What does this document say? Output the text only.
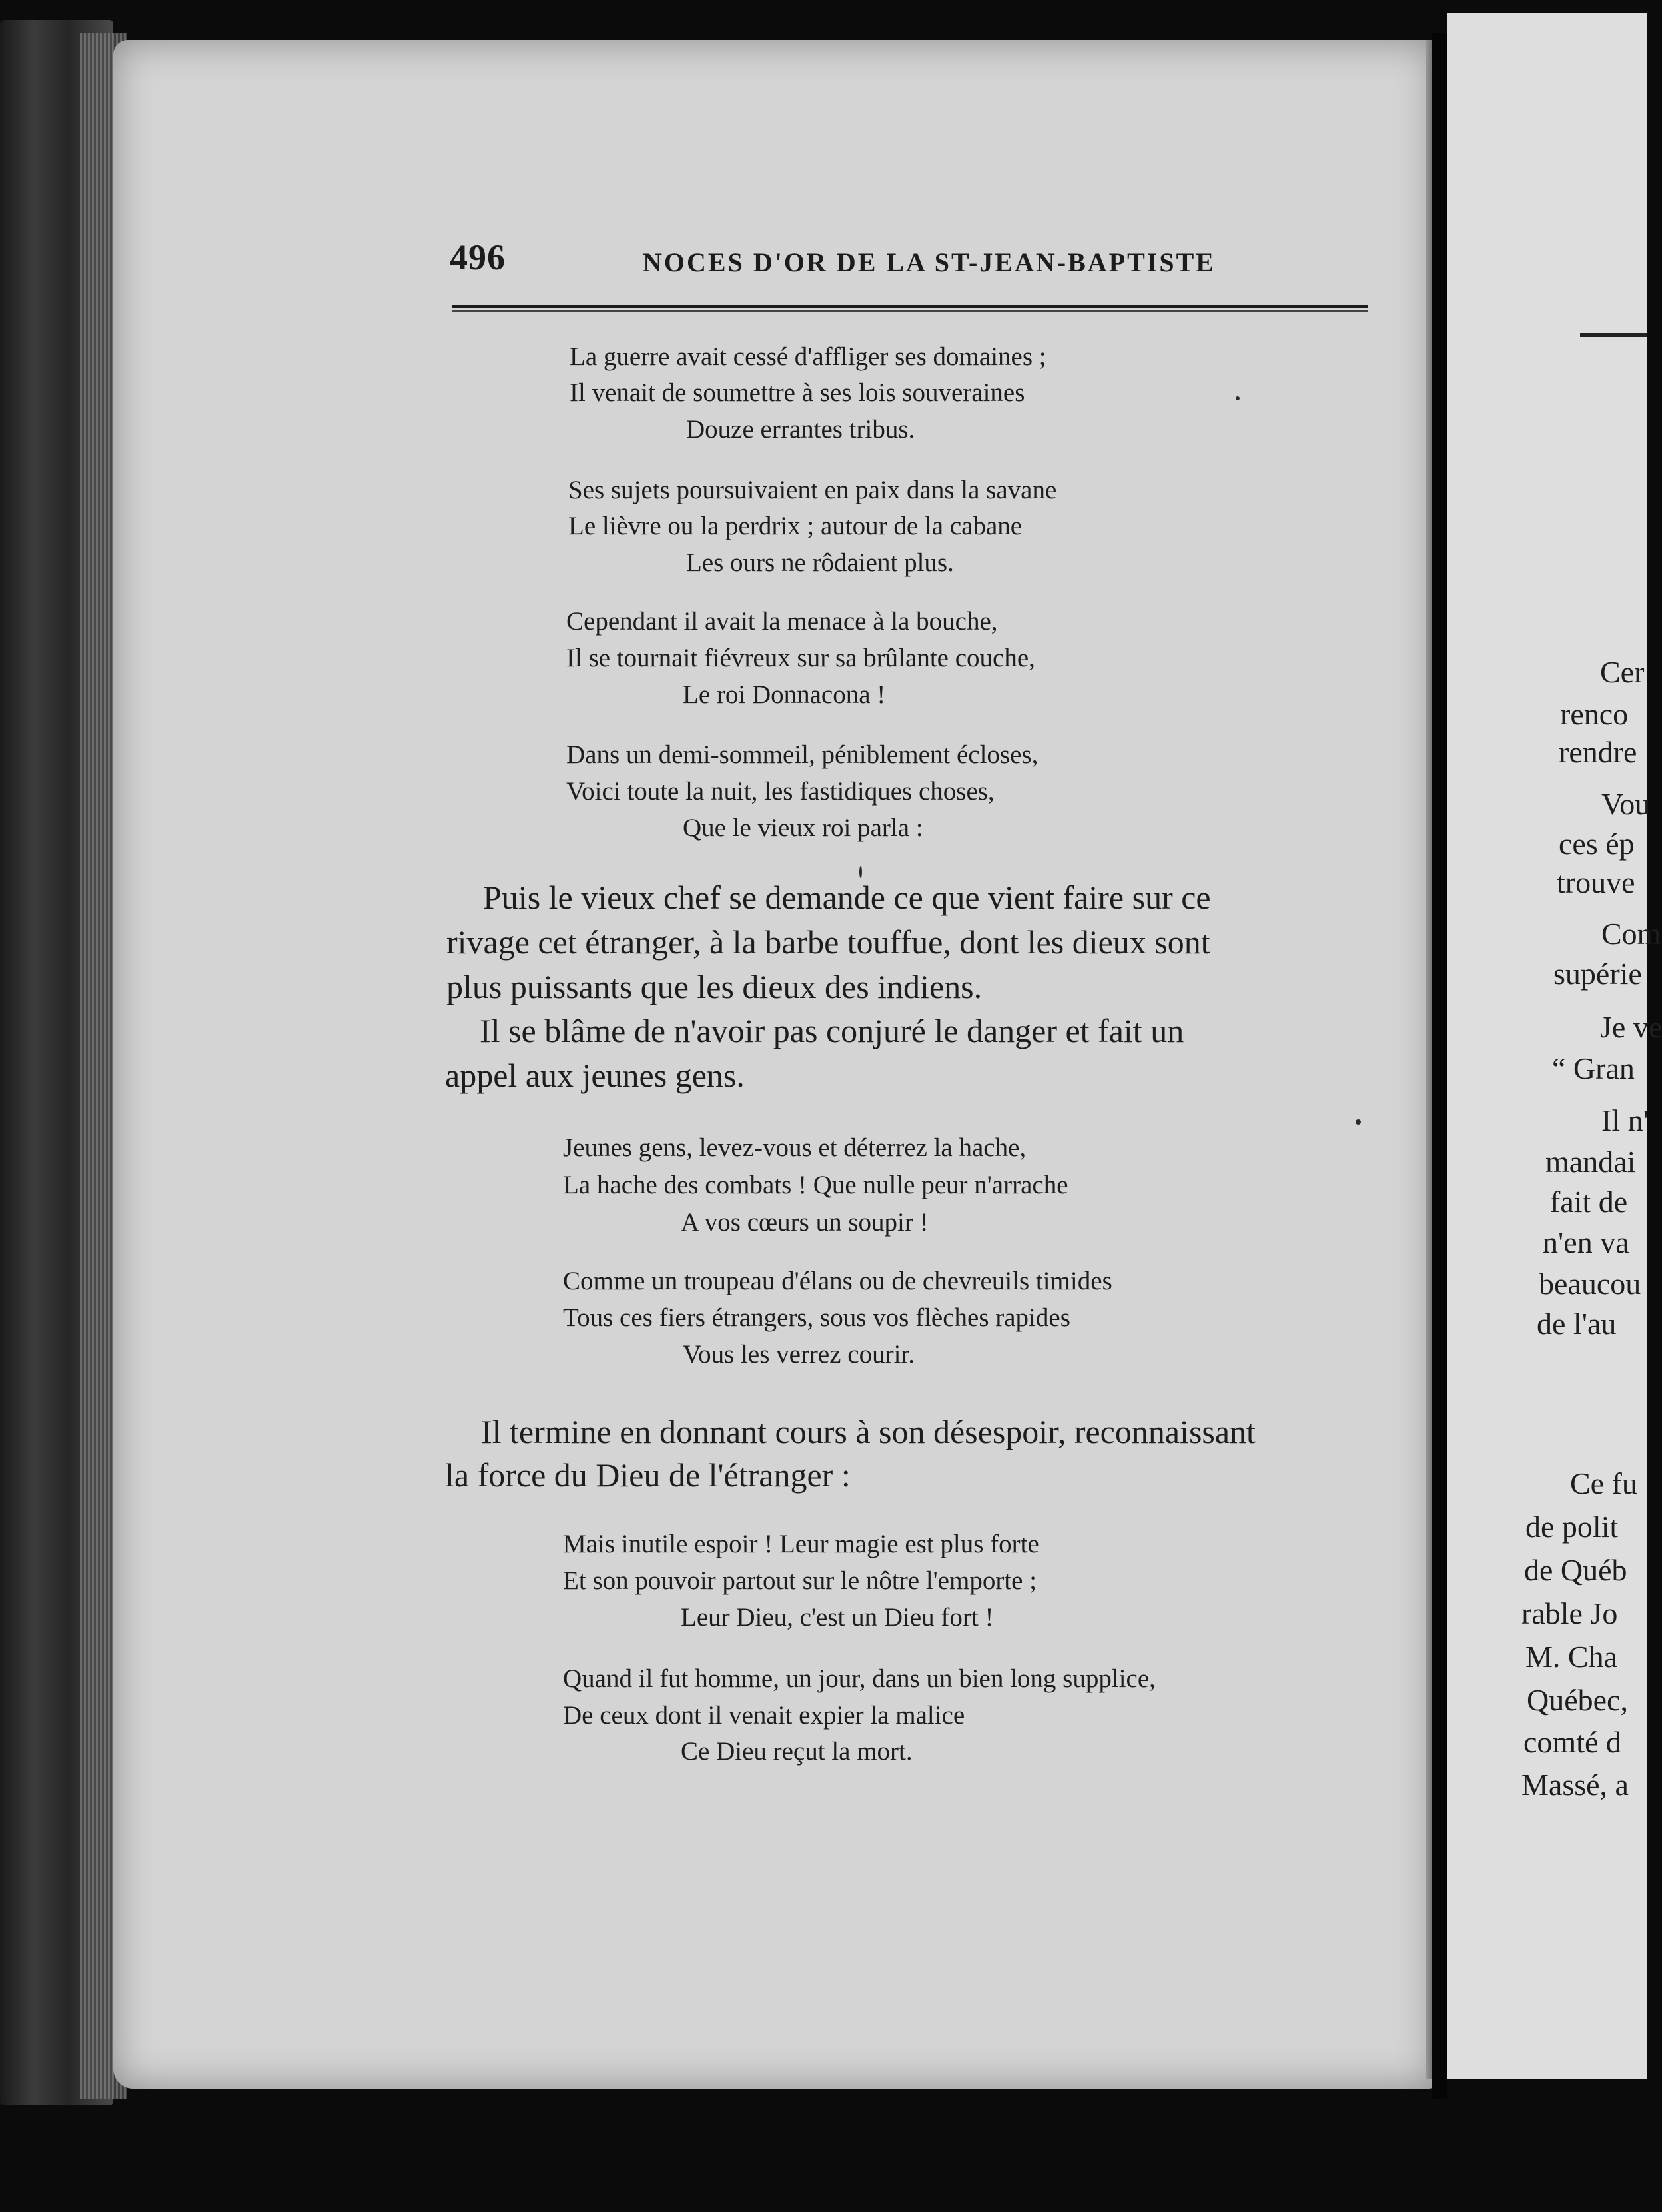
Cer
renco
rendre
Vou
ces ép
trouve
Com
supérie
Je ve
“ Gran
Il n'
mandai
fait de
n'en va
beaucou
de l'au
Ce fu
de polit
de Québ
rable Jo
M. Cha
Québec,
comté d
Massé, a
496	NOCES D'OR DE LA ST-JEAN-BAPTISTE
La guerre avait cessé d'affliger ses domaines ;
Il venait de soumettre à ses lois souveraines
Douze errantes tribus.
Ses sujets poursuivaient en paix dans la savane
Le lièvre ou la perdrix ; autour de la cabane
Les ours ne rôdaient plus.
Cependant il avait la menace à la bouche,
Il se tournait fiévreux sur sa brûlante couche,
Le roi Donnacona !
Dans un demi-sommeil, péniblement écloses,
Voici toute la nuit, les fastidiques choses,
Que le vieux roi parla :
Puis le vieux chef se demande ce que vient faire sur ce
rivage cet étranger, à la barbe touffue, dont les dieux sont
plus puissants que les dieux des indiens.
Il se blâme de n'avoir pas conjuré le danger et fait un
appel aux jeunes gens.
Jeunes gens, levez-vous et déterrez la hache,
La hache des combats ! Que nulle peur n'arrache
A vos cœurs un soupir !
Comme un troupeau d'élans ou de chevreuils timides
Tous ces fiers étrangers, sous vos flèches rapides
Vous les verrez courir.
Il termine en donnant cours à son désespoir, reconnaissant
la force du Dieu de l'étranger :
Mais inutile espoir ! Leur magie est plus forte
Et son pouvoir partout sur le nôtre l'emporte ;
Leur Dieu, c'est un Dieu fort !
Quand il fut homme, un jour, dans un bien long supplice,
De ceux dont il venait expier la malice
Ce Dieu reçut la mort.
